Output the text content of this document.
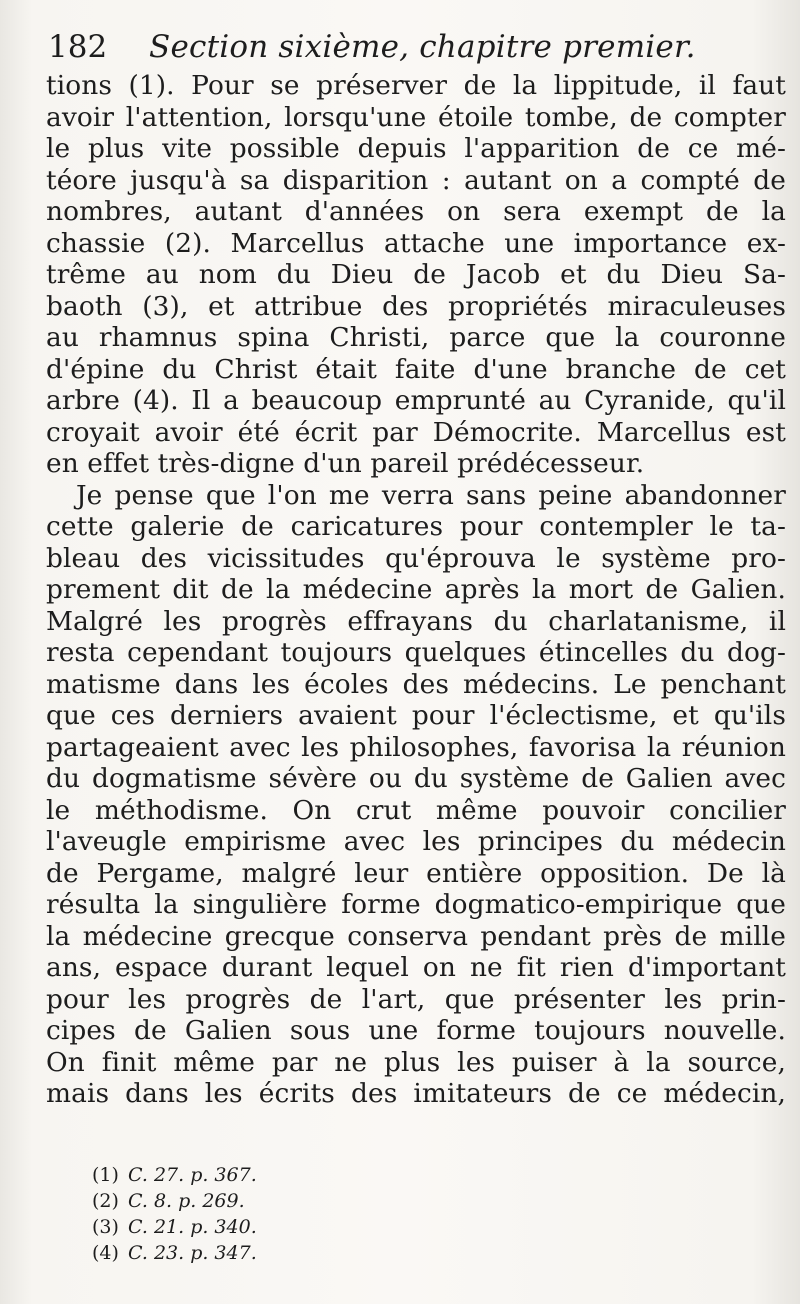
182 Section sixième, chapitre premier.
tions (1). Pour se préserver de la lippitude, il faut
avoir l'attention, lorsqu'une étoile tombe, de compter
le plus vite possible depuis l'apparition de ce mé-
téore jusqu'à sa disparition : autant on a compté de
nombres, autant d'années on sera exempt de la
chassie (2). Marcellus attache une importance ex-
trême au nom du Dieu de Jacob et du Dieu Sa-
baoth (3), et attribue des propriétés miraculeuses
au rhamnus spina Christi, parce que la couronne
d'épine du Christ était faite d'une branche de cet
arbre (4). Il a beaucoup emprunté au Cyranide, qu'il
croyait avoir été écrit par Démocrite. Marcellus est
en effet très-digne d'un pareil prédécesseur.
Je pense que l'on me verra sans peine abandonner
cette galerie de caricatures pour contempler le ta-
bleau des vicissitudes qu'éprouva le système pro-
prement dit de la médecine après la mort de Galien.
Malgré les progrès effrayans du charlatanisme, il
resta cependant toujours quelques étincelles du dog-
matisme dans les écoles des médecins. Le penchant
que ces derniers avaient pour l'éclectisme, et qu'ils
partageaient avec les philosophes, favorisa la réunion
du dogmatisme sévère ou du système de Galien avec
le méthodisme. On crut même pouvoir concilier
l'aveugle empirisme avec les principes du médecin
de Pergame, malgré leur entière opposition. De là
résulta la singulière forme dogmatico-empirique que
la médecine grecque conserva pendant près de mille
ans, espace durant lequel on ne fit rien d'important
pour les progrès de l'art, que présenter les prin-
cipes de Galien sous une forme toujours nouvelle.
On finit même par ne plus les puiser à la source,
mais dans les écrits des imitateurs de ce médecin,
(1) C. 27. p. 367.
(2) C. 8. p. 269.
(3) C. 21. p. 340.
(4) C. 23. p. 347.
